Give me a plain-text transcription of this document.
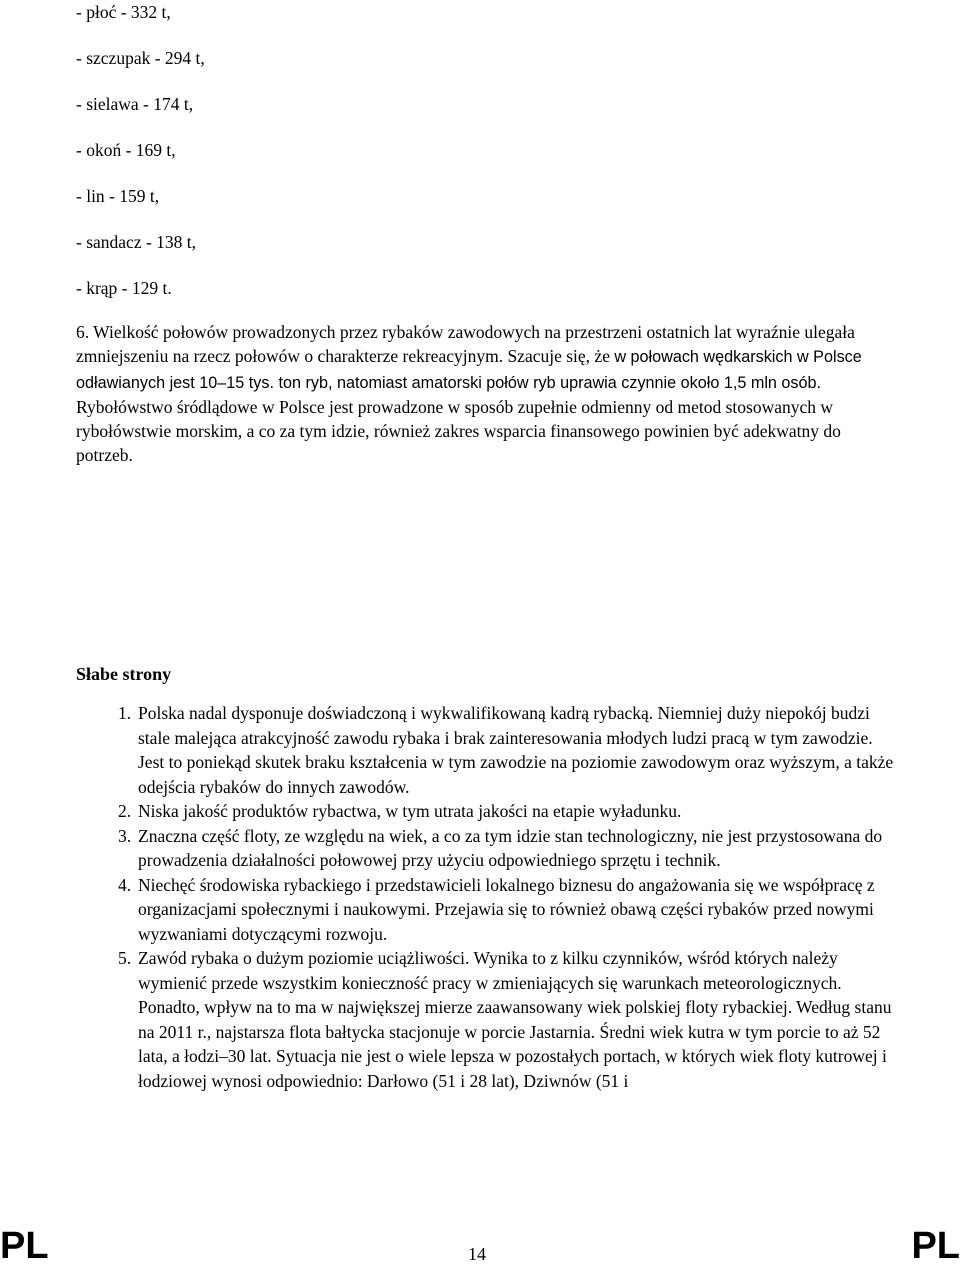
- płoć - 332 t,
- szczupak - 294 t,
- sielawa - 174 t,
- okoń - 169 t,
- lin - 159 t,
- sandacz - 138 t,
- krąp - 129 t.

6. Wielkość połowów prowadzonych przez rybaków zawodowych na przestrzeni ostatnich lat wyraźnie ulegała zmniejszeniu na rzecz połowów o charakterze rekreacyjnym. Szacuje się, że w połowach wędkarskich w Polsce odławianych jest 10–15 tys. ton ryb, natomiast amatorski połów ryb uprawia czynnie około 1,5 mln osób. Rybołówstwo śródlądowe w Polsce jest prowadzone w sposób zupełnie odmienny od metod stosowanych w rybołówstwie morskim, a co za tym idzie, również zakres wsparcia finansowego powinien być adekwatny do potrzeb.

Słabe strony
1. Polska nadal dysponuje doświadczoną i wykwalifikowaną kadrą rybacką. Niemniej duży niepokój budzi stale malejąca atrakcyjność zawodu rybaka i brak zainteresowania młodych ludzi pracą w tym zawodzie. Jest to poniekąd skutek braku kształcenia w tym zawodzie na poziomie zawodowym oraz wyższym, a także odejścia rybaków do innych zawodów.
2. Niska jakość produktów rybactwa, w tym utrata jakości na etapie wyładunku.
3. Znaczna część floty, ze względu na wiek, a co za tym idzie stan technologiczny, nie jest przystosowana do prowadzenia działalności połowowej przy użyciu odpowiedniego sprzętu i technik.
4. Niechęć środowiska rybackiego i przedstawicieli lokalnego biznesu do angażowania się we współpracę z organizacjami społecznymi i naukowymi. Przejawia się to również obawą części rybaków przed nowymi wyzwaniami dotyczącymi rozwoju.
5. Zawód rybaka o dużym poziomie uciążliwości. Wynika to z kilku czynników, wśród których należy wymienić przede wszystkim konieczność pracy w zmieniających się warunkach meteorologicznych. Ponadto, wpływ na to ma w największej mierze zaawansowany wiek polskiej floty rybackiej. Według stanu na 2011 r., najstarsza flota bałtycka stacjonuje w porcie Jastarnia. Średni wiek kutra w tym porcie to aż 52 lata, a łodzi–30 lat. Sytuacja nie jest o wiele lepsza w pozostałych portach, w których wiek floty kutrowej i łodziowej wynosi odpowiednio: Darłowo (51 i 28 lat), Dziwnów (51 i
PL	14	PL
